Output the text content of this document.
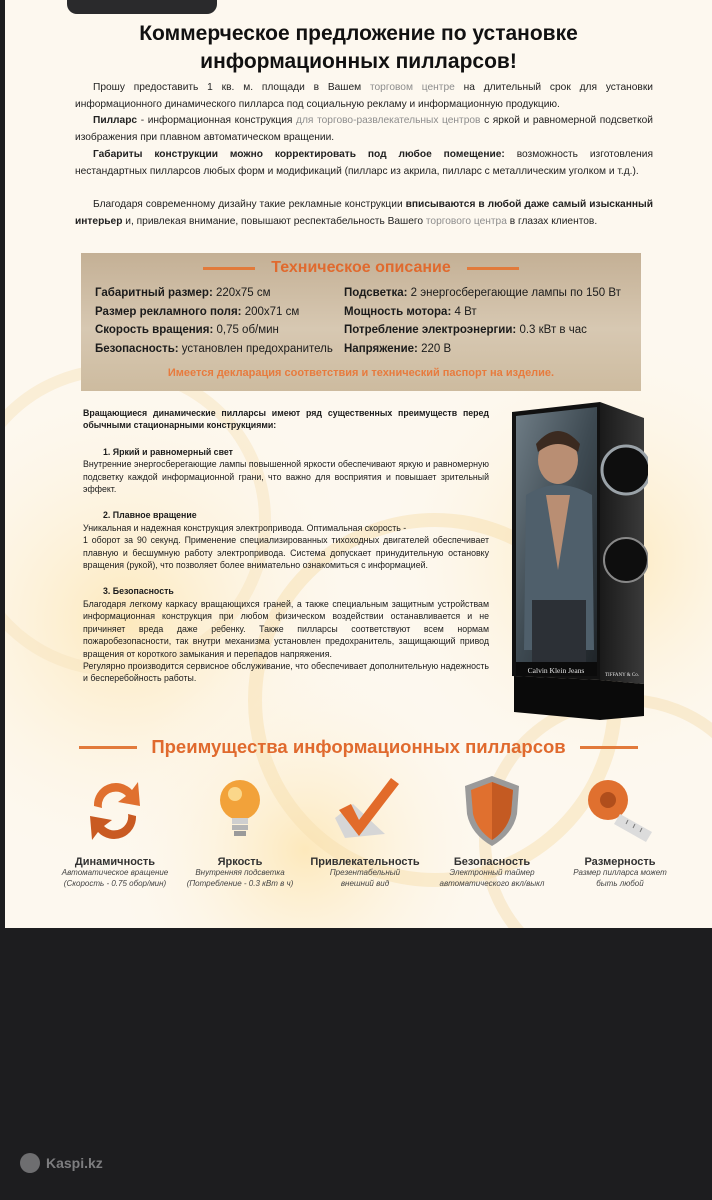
Коммерческое предложение по установке
информационных пилларсов!
Прошу предоставить 1 кв. м. площади в Вашем торговом центре на длительный срок для установки информационного динамического пилларса под социальную рекламу и информационную продукцию.
Пилларс - информационная конструкция для торгово-развлекательных центров с яркой и равномерной подсветкой изображения при плавном автоматическом вращении.
Габариты конструкции можно корректировать под любое помещение: возможность изготовления нестандартных пилларсов любых форм и модификаций (пилларс из акрила, пилларс с металлическим уголком и т.д.).
Благодаря современному дизайну такие рекламные конструкции вписываются в любой даже самый изысканный интерьер и, привлекая внимание, повышают респектабельность Вашего торгового центра в глазах клиентов.
Техническое описание
Габаритный размер: 220x75 см
Размер рекламного поля: 200x71 см
Скорость вращения: 0,75 об/мин
Безопасность: установлен предохранитель
Подсветка: 2 энергосберегающие лампы по 150 Вт
Мощность мотора: 4 Вт
Потребление электроэнергии: 0.3 кВт в час
Напряжение: 220 В
Имеется декларация соответствия и технический паспорт на изделие.

Вращающиеся динамические пилларсы имеют ряд существенных преимуществ перед обычными стационарными конструкциями:

1. Яркий и равномерный свет

Внутренние энергосберегающие лампы повышенной яркости обеспечивают яркую и равномерную подсветку каждой информационной грани, что важно для восприятия и повышает зрительный эффект.

2. Плавное вращение

Уникальная и надежная конструкция электропривода. Оптимальная скорость -

1 оборот за 90 секунд. Применение специализированных тихоходных двигателей обеспечивает плавную и бесшумную работу электропривода. Система допускает принудительную остановку вращения (рукой), что позволяет более внимательно ознакомиться с информацией.

3. Безопасность

Благодаря легкому каркасу вращающихся граней, а также специальным защитным устройствам информационная конструкция при любом физическом воздействии останавливается и не причиняет вреда даже ребенку. Также пилларсы соответствуют всем нормам пожаробезопасности, так внутри механизма установлен предохранитель, защищающий привод вращения от короткого замыкания и перепадов напряжения.

Регулярно производится сервисное обслуживание, что обеспечивает дополнительную надежность и бесперебойность работы.

Calvin Klein Jeans
TIFFANY & Co.
Преимущества информационных пилларсов
Динамичность
Автоматическое вращение
(Скорость - 0.75 обор/мин)
Яркость
Внутренняя подсветка
(Потребление - 0.3 кВт в ч)
Привлекательность
Презентабельный
внешний вид
Безопасность
Электронный таймер
автоматического вкл/выкл
Размерность
Размер пилларса может
быть любой
Kaspi.kz
